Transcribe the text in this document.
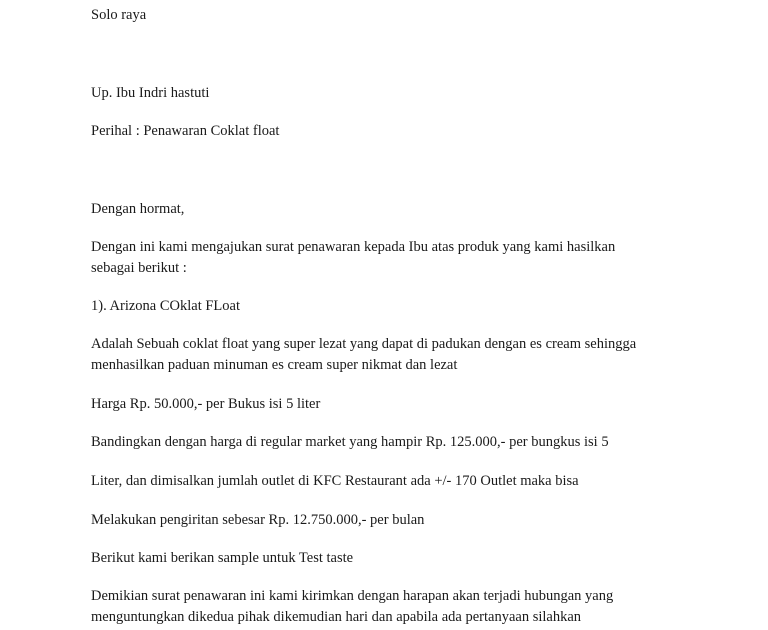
Solo raya
Up. Ibu Indri hastuti
Perihal : Penawaran Coklat float
Dengan hormat,
Dengan ini kami mengajukan surat penawaran kepada Ibu atas produk yang kami hasilkan
sebagai berikut :
1). Arizona COklat FLoat
Adalah Sebuah coklat float yang super lezat yang dapat di padukan dengan es cream sehingga
menhasilkan paduan minuman es cream super nikmat dan lezat
Harga Rp. 50.000,- per Bukus isi 5 liter
Bandingkan dengan harga di regular market yang hampir Rp. 125.000,- per bungkus isi 5
Liter, dan dimisalkan jumlah outlet di KFC Restaurant ada +/- 170 Outlet maka bisa
Melakukan pengiritan sebesar Rp. 12.750.000,- per bulan
Berikut kami berikan sample untuk Test taste
Demikian surat penawaran ini kami kirimkan dengan harapan akan terjadi hubungan yang
menguntungkan dikedua pihak dikemudian hari dan apabila ada pertanyaan silahkan
